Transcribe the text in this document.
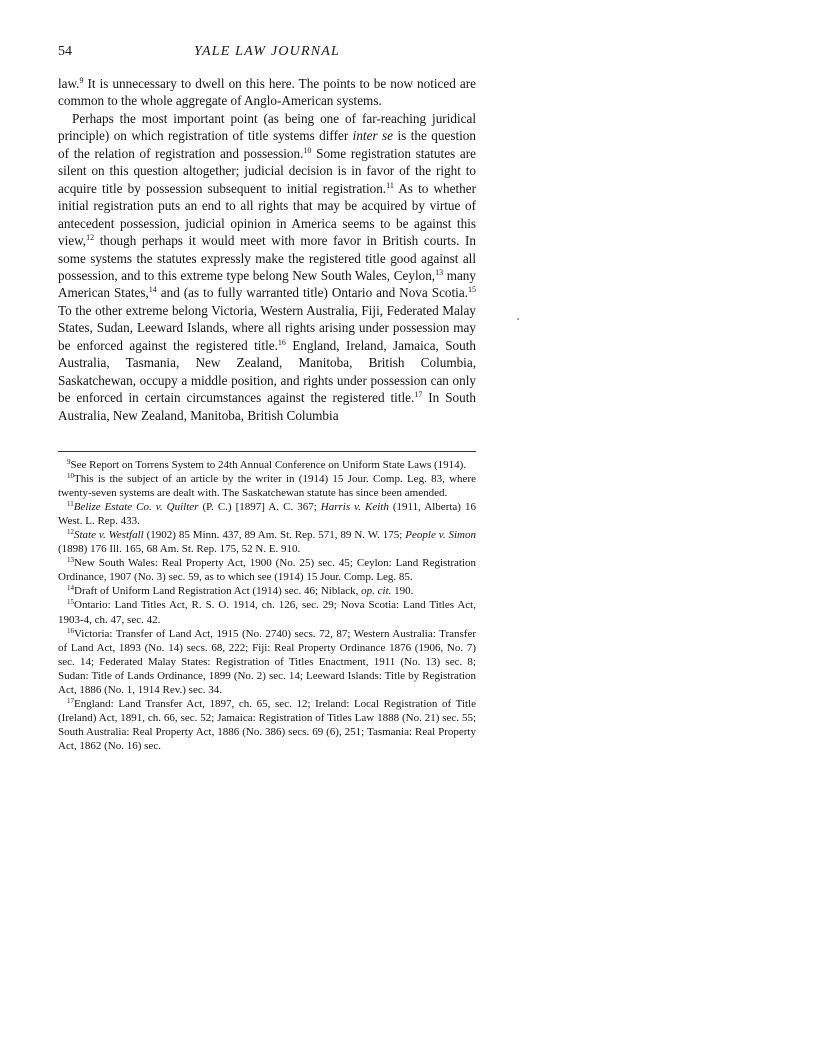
54	YALE LAW JOURNAL

law.$^9$ It is unnecessary to dwell on this here. The points to be now noticed are common to the whole aggregate of Anglo-American systems.

Perhaps the most important point (as being one of far-reaching juridical principle) on which registration of title systems differ inter se is the question of the relation of registration and possession.$^{10}$ Some registration statutes are silent on this question altogether; judicial decision is in favor of the right to acquire title by possession subsequent to initial registration.$^{11}$ As to whether initial registration puts an end to all rights that may be acquired by virtue of antecedent possession, judicial opinion in America seems to be against this view,$^{12}$ though perhaps it would meet with more favor in British courts. In some systems the statutes expressly make the registered title good against all possession, and to this extreme type belong New South Wales, Ceylon,$^{13}$ many American States,$^{14}$ and (as to fully warranted title) Ontario and Nova Scotia.$^{15}$ To the other extreme belong Victoria, Western Australia, Fiji, Federated Malay States, Sudan, Leeward Islands, where all rights arising under possession may be enforced against the registered title.$^{16}$ England, Ireland, Jamaica, South Australia, Tasmania, New Zealand, Manitoba, British Columbia, Saskatchewan, occupy a middle position, and rights under possession can only be enforced in certain circumstances against the registered title.$^{17}$ In South Australia, New Zealand, Manitoba, British Columbia

$^9$See Report on Torrens System to 24th Annual Conference on Uniform State Laws (1914).

$^{10}$This is the subject of an article by the writer in (1914) 15 Jour. Comp. Leg. 83, where twenty-seven systems are dealt with. The Saskatchewan statute has since been amended.

$^{11}$Belize Estate Co. v. Quilter (P. C.) [1897] A. C. 367; Harris v. Keith (1911, Alberta) 16 West. L. Rep. 433.

$^{12}$State v. Westfall (1902) 85 Minn. 437, 89 Am. St. Rep. 571, 89 N. W. 175; People v. Simon (1898) 176 Ill. 165, 68 Am. St. Rep. 175, 52 N. E. 910.

$^{13}$New South Wales: Real Property Act, 1900 (No. 25) sec. 45; Ceylon: Land Registration Ordinance, 1907 (No. 3) sec. 59, as to which see (1914) 15 Jour. Comp. Leg. 85.

$^{14}$Draft of Uniform Land Registration Act (1914) sec. 46; Niblack, op. cit. 190.

$^{15}$Ontario: Land Titles Act, R. S. O. 1914, ch. 126, sec. 29; Nova Scotia: Land Titles Act, 1903-4, ch. 47, sec. 42.

$^{16}$Victoria: Transfer of Land Act, 1915 (No. 2740) secs. 72, 87; Western Australia: Transfer of Land Act, 1893 (No. 14) secs. 68, 222; Fiji: Real Property Ordinance 1876 (1906, No. 7) sec. 14; Federated Malay States: Registration of Titles Enactment, 1911 (No. 13) sec. 8; Sudan: Title of Lands Ordinance, 1899 (No. 2) sec. 14; Leeward Islands: Title by Registration Act, 1886 (No. 1, 1914 Rev.) sec. 34.

$^{17}$England: Land Transfer Act, 1897, ch. 65, sec. 12; Ireland: Local Registration of Title (Ireland) Act, 1891, ch. 66, sec. 52; Jamaica: Registration of Titles Law 1888 (No. 21) sec. 55; South Australia: Real Property Act, 1886 (No. 386) secs. 69 (6), 251; Tasmania: Real Property Act, 1862 (No. 16) sec.
